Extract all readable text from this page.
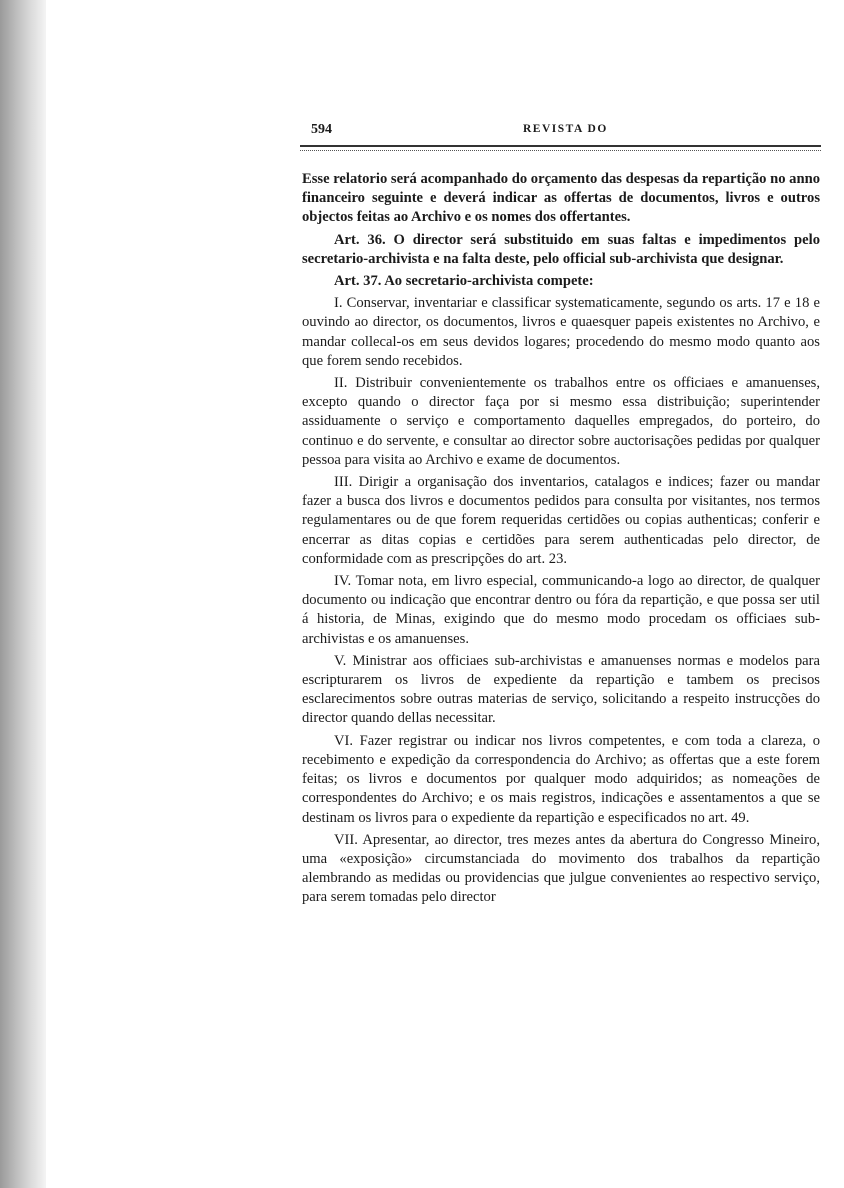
594	REVISTA DO

Esse relatorio será acompanhado do orçamento das despesas da repartição no anno financeiro seguinte e deverá indicar as offertas de documentos, livros e outros objectos feitas ao Archivo e os nomes dos offertantes.

Art. 36. O director será substituido em suas faltas e impedimentos pelo secretario-archivista e na falta deste, pelo official sub-archivista que designar.

Art. 37. Ao secretario-archivista compete:

I. Conservar, inventariar e classificar systematicamente, segundo os arts. 17 e 18 e ouvindo ao director, os documentos, livros e quaesquer papeis existentes no Archivo, e mandar collecal-os em seus devidos logares; procedendo do mesmo modo quanto aos que forem sendo recebidos.

II. Distribuir convenientemente os trabalhos entre os officiaes e amanuenses, excepto quando o director faça por si mesmo essa distribuição; superintender assiduamente o serviço e comportamento daquelles empregados, do porteiro, do continuo e do servente, e consultar ao director sobre auctorisações pedidas por qualquer pessoa para visita ao Archivo e exame de documentos.

III. Dirigir a organisação dos inventarios, catalagos e indices; fazer ou mandar fazer a busca dos livros e documentos pedidos para consulta por visitantes, nos termos regulamentares ou de que forem requeridas certidões ou copias authenticas; conferir e encerrar as ditas copias e certidões para serem authenticadas pelo director, de conformidade com as prescripções do art. 23.

IV. Tomar nota, em livro especial, communicando-a logo ao director, de qualquer documento ou indicação que encontrar dentro ou fóra da repartição, e que possa ser util á historia, de Minas, exigindo que do mesmo modo procedam os officiaes sub-archivistas e os amanuenses.

V. Ministrar aos officiaes sub-archivistas e amanuenses normas e modelos para escripturarem os livros de expediente da repartição e tambem os precisos esclarecimentos sobre outras materias de serviço, solicitando a respeito instrucções do director quando dellas necessitar.

VI. Fazer registrar ou indicar nos livros competentes, e com toda a clareza, o recebimento e expedição da correspondencia do Archivo; as offertas que a este forem feitas; os livros e documentos por qualquer modo adquiridos; as nomeações de correspondentes do Archivo; e os mais registros, indicações e assentamentos a que se destinam os livros para o expediente da repartição e especificados no art. 49.

VII. Apresentar, ao director, tres mezes antes da abertura do Congresso Mineiro, uma «exposição» circumstanciada do movimento dos trabalhos da repartição alembrando as medidas ou providencias que julgue convenientes ao respectivo serviço, para serem tomadas pelo director
